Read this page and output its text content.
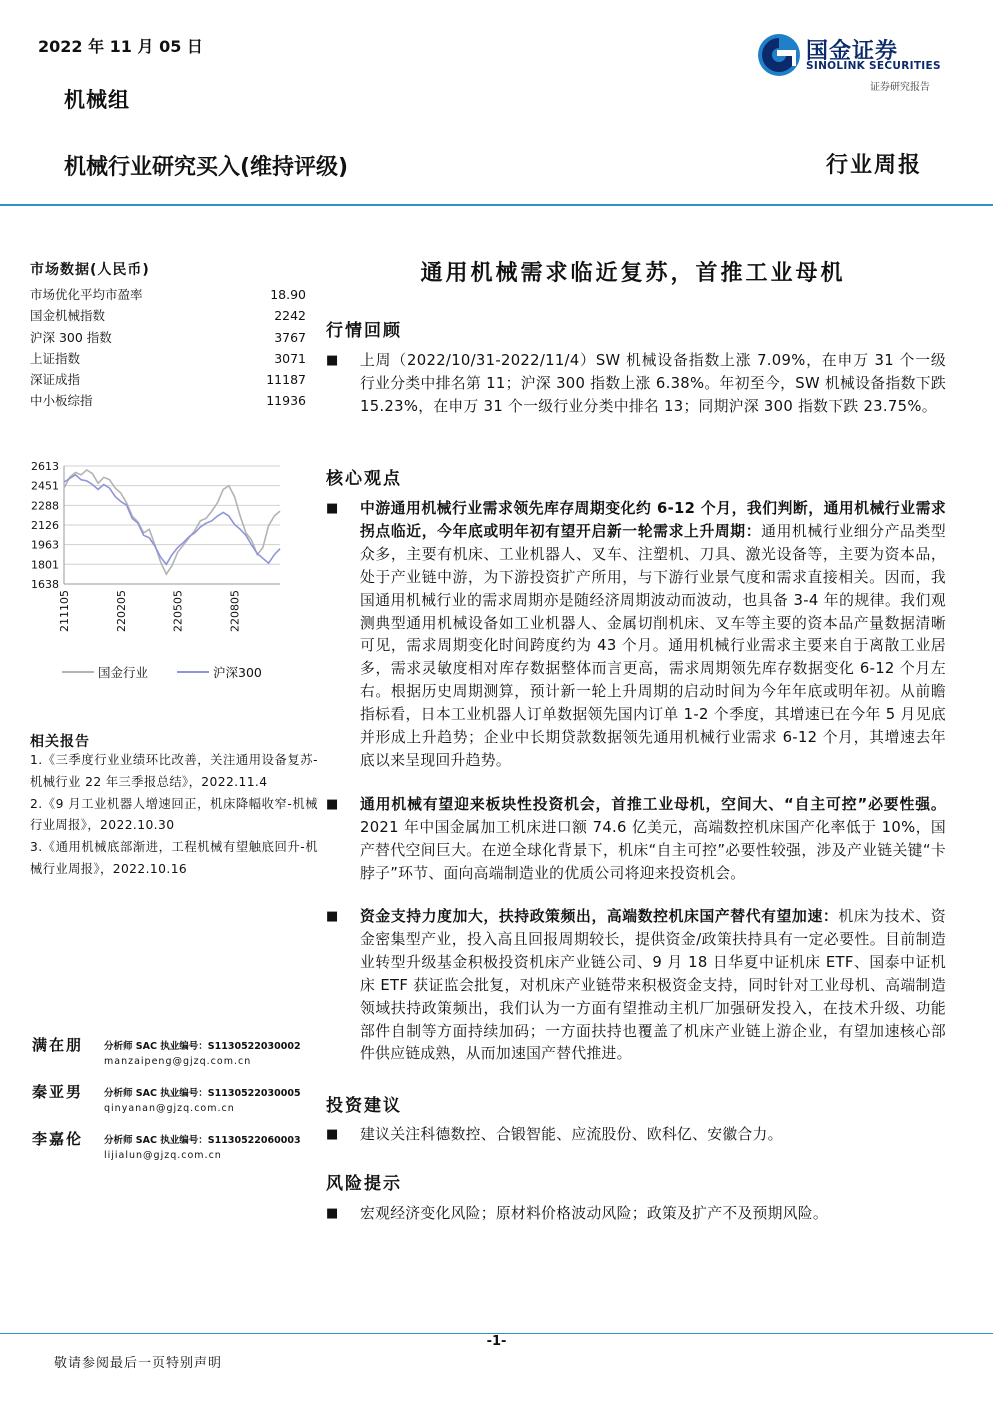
2022 年 11 月 05 日
机械组
国金证券
SINOLINK SECURITIES
证券研究报告
机械行业研究买入(维持评级)	行业周报
市场数据(人民币)
市场优化平均市盈率	18.90
国金机械指数	2242
沪深 300 指数	3767
上证指数	3071
深证成指	11187
中小板综指	11936
2613
2451
2288
2126
1963
1801
1638
211105	220205	220505	220805
国金行业	沪深300
相关报告

1.《三季度行业业绩环比改善，关注通用设备复苏-机械行业 22 年三季报总结》，2022.11.4

2.《9 月工业机器人增速回正，机床降幅收窄-机械行业周报》，2022.10.30

3.《通用机械底部渐进，工程机械有望触底回升-机械行业周报》，2022.10.16

满在朋 分析师 SAC 执业编号：S1130522030002
manzaipeng@gjzq.com.cn
秦亚男 分析师 SAC 执业编号：S1130522030005
qinyanan@gjzq.com.cn
李嘉伦 分析师 SAC 执业编号：S1130522060003
lijialun@gjzq.com.cn
通用机械需求临近复苏，首推工业母机
行情回顾
■ 上周（2022/10/31-2022/11/4）SW 机械设备指数上涨 7.09%，在申万 31 个一级行业分类中排名第 11；沪深 300 指数上涨 6.38%。年初至今，SW 机械设备指数下跌 15.23%，在申万 31 个一级行业分类中排名 13；同期沪深 300 指数下跌 23.75%。
核心观点
■ 中游通用机械行业需求领先库存周期变化约 6-12 个月，我们判断，通用机械行业需求拐点临近，今年底或明年初有望开启新一轮需求上升周期：通用机械行业细分产品类型众多，主要有机床、工业机器人、叉车、注塑机、刀具、激光设备等，主要为资本品，处于产业链中游，为下游投资扩产所用，与下游行业景气度和需求直接相关。因而，我国通用机械行业的需求周期亦是随经济周期波动而波动，也具备 3-4 年的规律。我们观测典型通用机械设备如工业机器人、金属切削机床、叉车等主要的资本品产量数据清晰可见，需求周期变化时间跨度约为 43 个月。通用机械行业需求主要来自于离散工业居多，需求灵敏度相对库存数据整体而言更高，需求周期领先库存数据变化 6-12 个月左右。根据历史周期测算，预计新一轮上升周期的启动时间为今年年底或明年初。从前瞻指标看，日本工业机器人订单数据领先国内订单 1-2 个季度，其增速已在今年 5 月见底并形成上升趋势；企业中长期贷款数据领先通用机械行业需求 6-12 个月，其增速去年底以来呈现回升趋势。
■ 通用机械有望迎来板块性投资机会，首推工业母机，空间大、“自主可控”必要性强。2021 年中国金属加工机床进口额 74.6 亿美元，高端数控机床国产化率低于 10%，国产替代空间巨大。在逆全球化背景下，机床“自主可控”必要性较强，涉及产业链关键“卡脖子”环节、面向高端制造业的优质公司将迎来投资机会。
■ 资金支持力度加大，扶持政策频出，高端数控机床国产替代有望加速：机床为技术、资金密集型产业，投入高且回报周期较长，提供资金/政策扶持具有一定必要性。目前制造业转型升级基金积极投资机床产业链公司、9 月 18 日华夏中证机床 ETF、国泰中证机床 ETF 获证监会批复，对机床产业链带来积极资金支持，同时针对工业母机、高端制造领域扶持政策频出，我们认为一方面有望推动主机厂加强研发投入，在技术升级、功能部件自制等方面持续加码；一方面扶持也覆盖了机床产业链上游企业，有望加速核心部件供应链成熟，从而加速国产替代推进。
投资建议
■ 建议关注科德数控、合锻智能、应流股份、欧科亿、安徽合力。
风险提示
■ 宏观经济变化风险；原材料价格波动风险；政策及扩产不及预期风险。
-1-
敬请参阅最后一页特别声明
